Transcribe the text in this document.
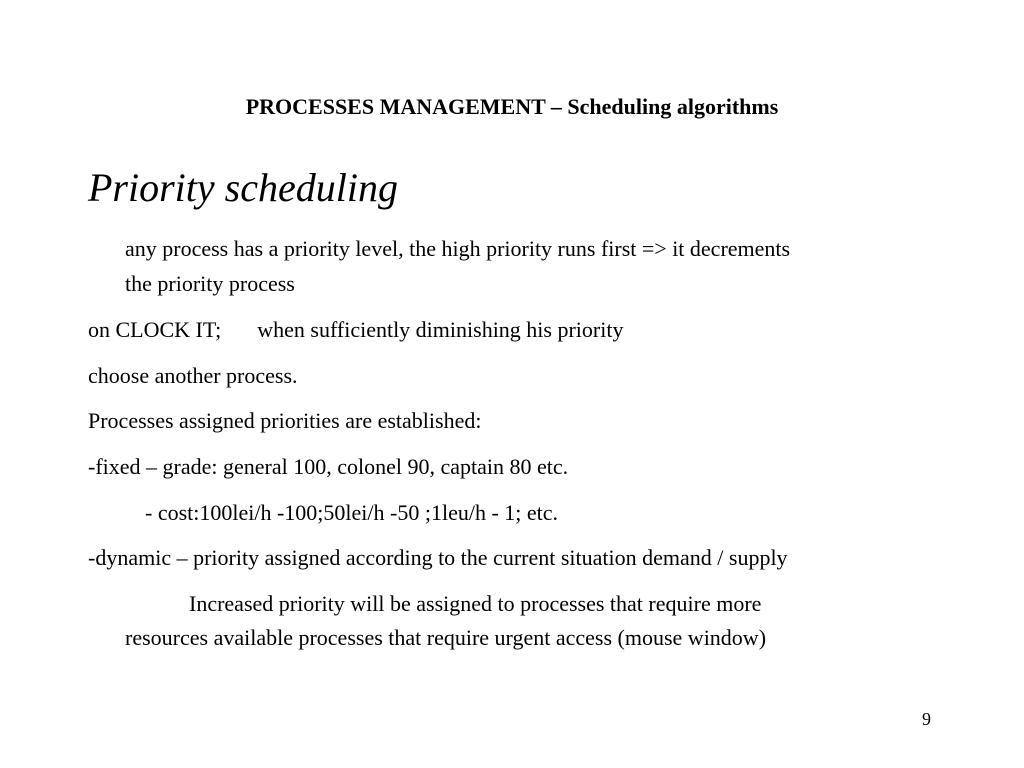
PROCESSES MANAGEMENT – Scheduling algorithms
Priority scheduling
any process has a priority level, the high priority runs first => it decrements
the priority process
on CLOCK IT; when sufficiently diminishing his priority
choose another process.
Processes assigned priorities are established:
-fixed – grade: general 100, colonel 90, captain 80 etc.
- cost:100lei/h -100;50lei/h -50 ;1leu/h - 1; etc.
-dynamic – priority assigned according to the current situation demand / supply
Increased priority will be assigned to processes that require more
resources available processes that require urgent access (mouse window)
9
